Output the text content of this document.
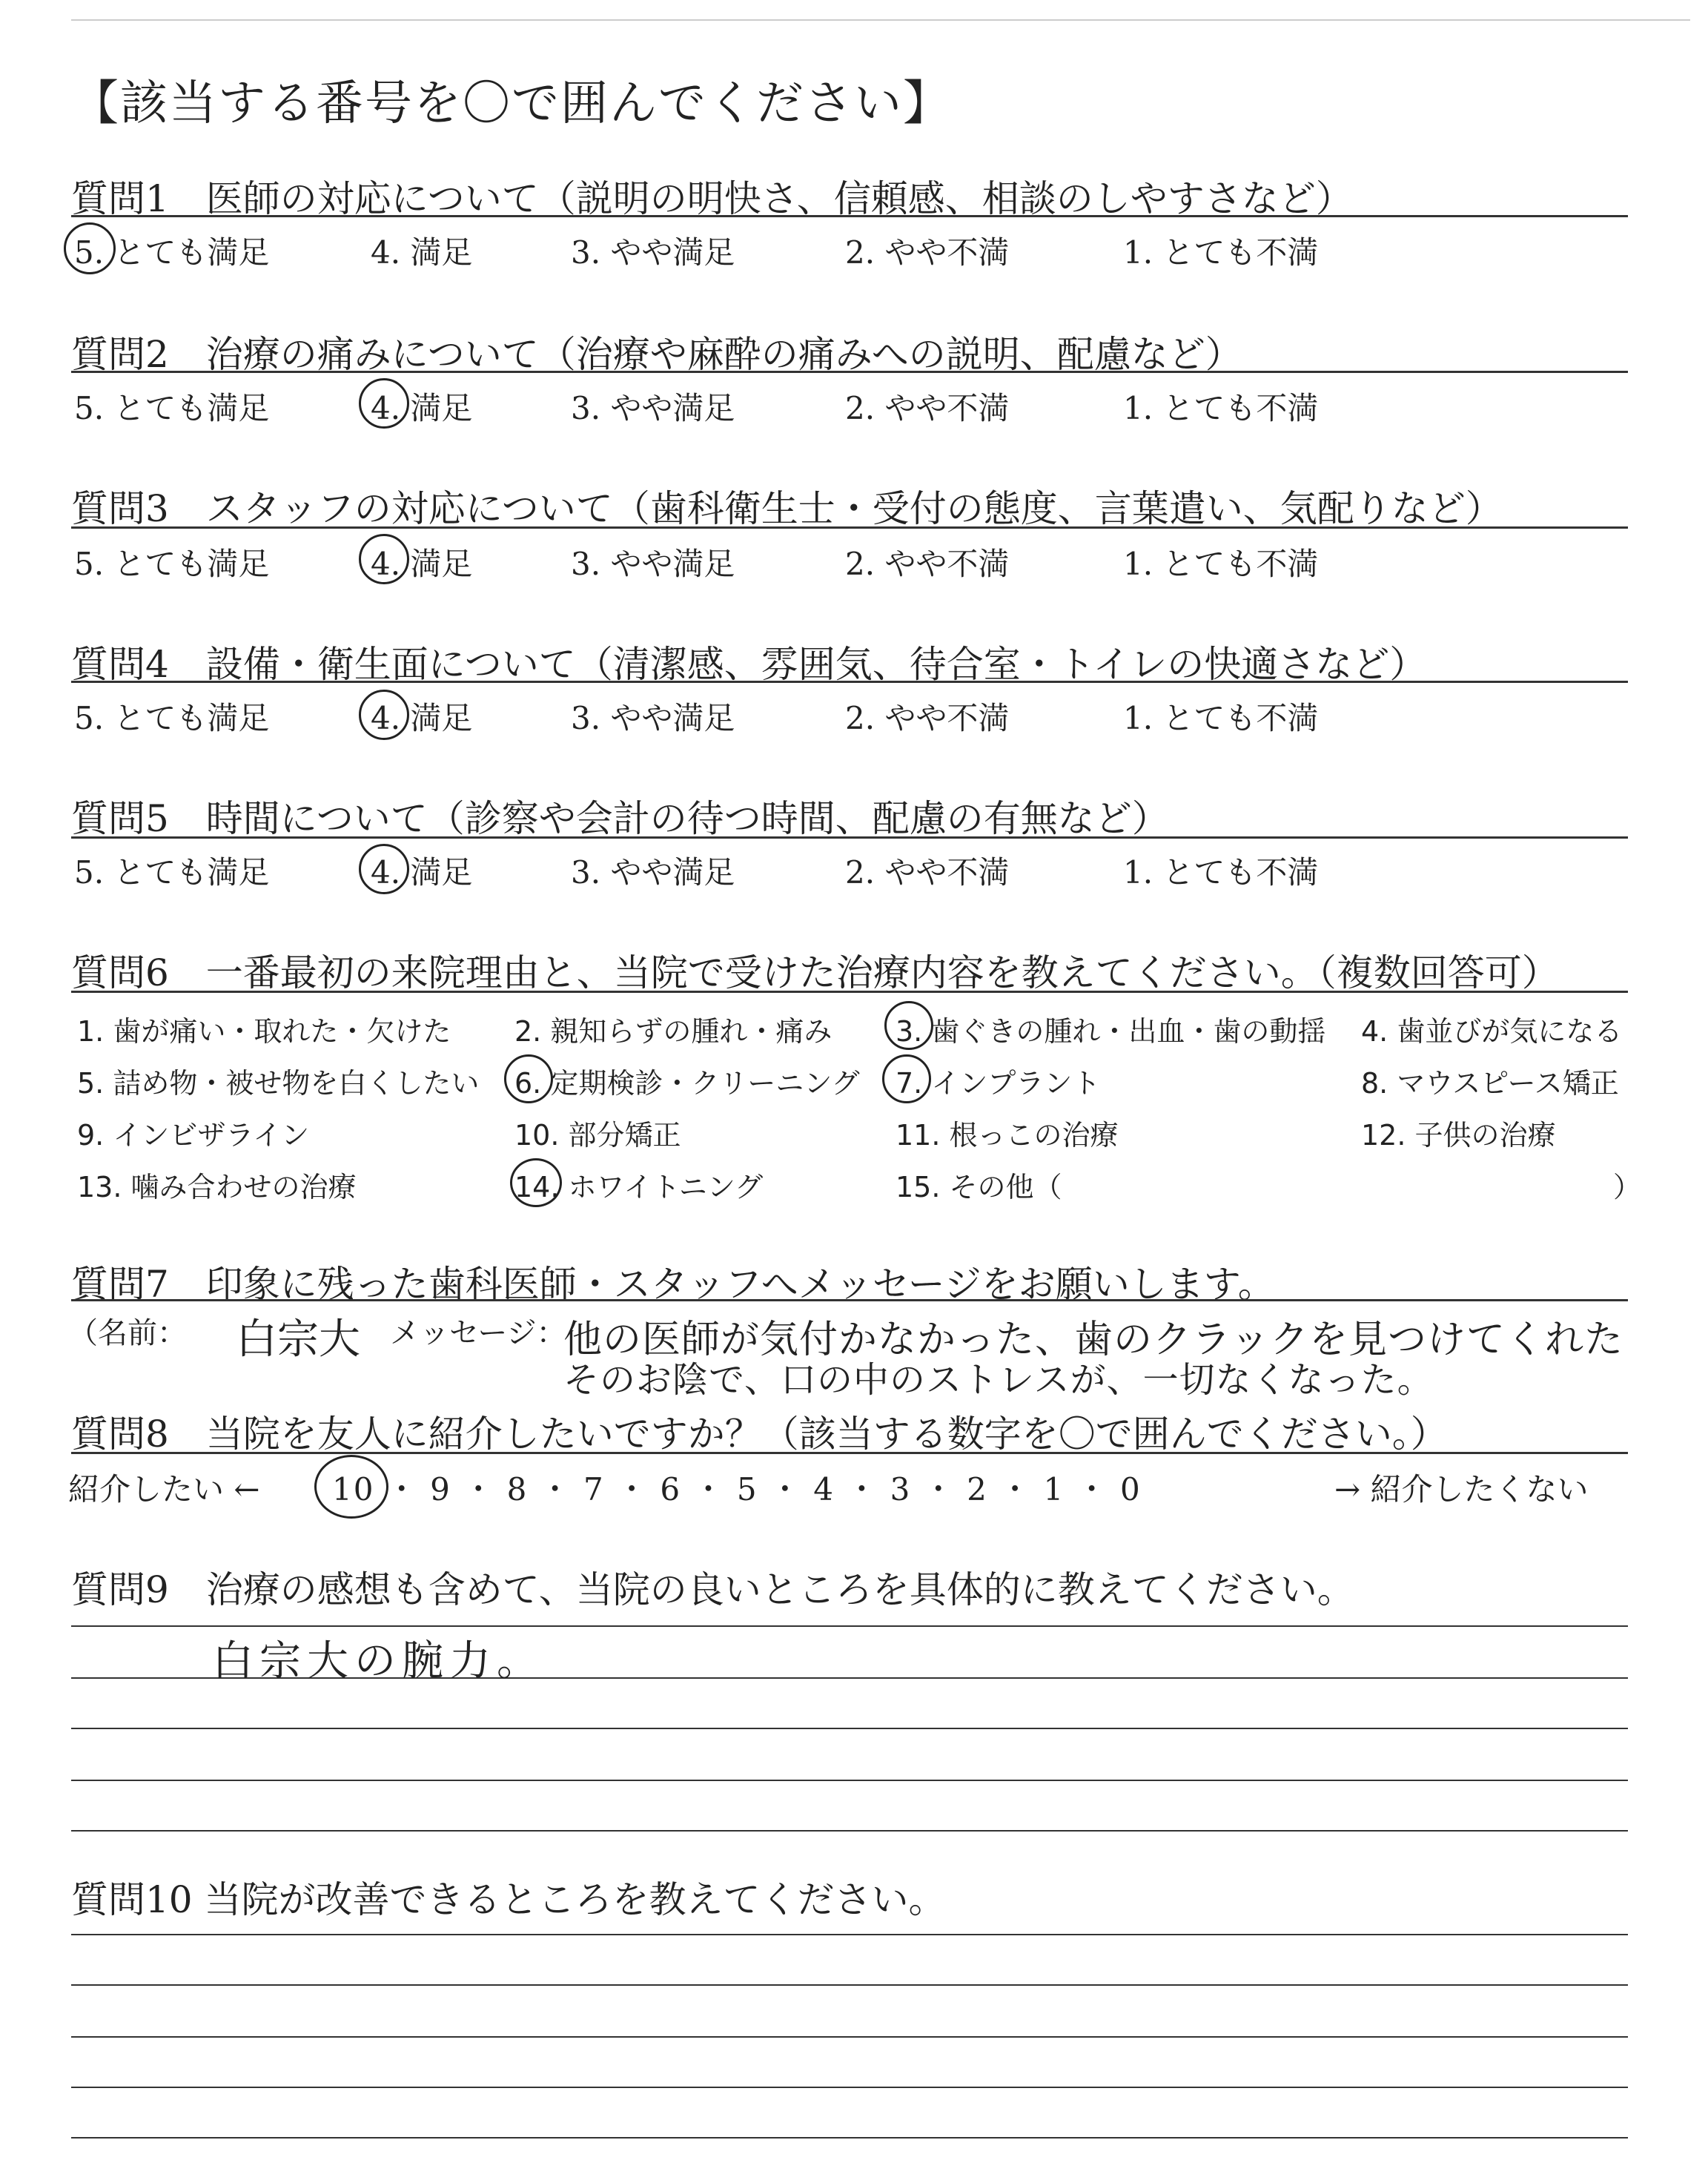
【該当する番号を〇で囲んでください】
質問1　医師の対応について（説明の明快さ、信頼感、相談のしやすさなど）
5. とても満足	4. 満足	3. やや満足	2. やや不満	1. とても不満
質問2　治療の痛みについて（治療や麻酔の痛みへの説明、配慮など）
5. とても満足	4. 満足	3. やや満足	2. やや不満	1. とても不満
質問3　スタッフの対応について（歯科衛生士・受付の態度、言葉遣い、気配りなど）
5. とても満足	4. 満足	3. やや満足	2. やや不満	1. とても不満
質問4　設備・衛生面について（清潔感、雰囲気、待合室・トイレの快適さなど）
5. とても満足	4. 満足	3. やや満足	2. やや不満	1. とても不満
質問5　時間について（診察や会計の待つ時間、配慮の有無など）
5. とても満足	4. 満足	3. やや満足	2. やや不満	1. とても不満
質問6　一番最初の来院理由と、当院で受けた治療内容を教えてください。（複数回答可）
1. 歯が痛い・取れた・欠けた 2. 親知らずの腫れ・痛み 3. 歯ぐきの腫れ・出血・歯の動揺 4. 歯並びが気になる
5. 詰め物・被せ物を白くしたい 6. 定期検診・クリーニング 7. インプラント	8. マウスピース矯正
9. インビザライン	10. 部分矯正	11. 根っこの治療	12. 子供の治療
13. 噛み合わせの治療	14. ホワイトニング	15. その他（	）
質問7　印象に残った歯科医師・スタッフへメッセージをお願いします。
（名前： 白宗大 メッセージ：
他の医師が気付かなかった、歯のクラックを見つけてくれた
そのお陰で、口の中のストレスが、一切なくなった。
質問8　当院を友人に紹介したいですか？（該当する数字を〇で囲んでください。）
紹介したい ← 10 ・ 9 ・ 8 ・ 7 ・ 6 ・ 5 ・ 4 ・ 3 ・ 2 ・ 1 ・ 0	→ 紹介したくない
質問9　治療の感想も含めて、当院の良いところを具体的に教えてください。
白宗大の腕力。
質問10 当院が改善できるところを教えてください。
